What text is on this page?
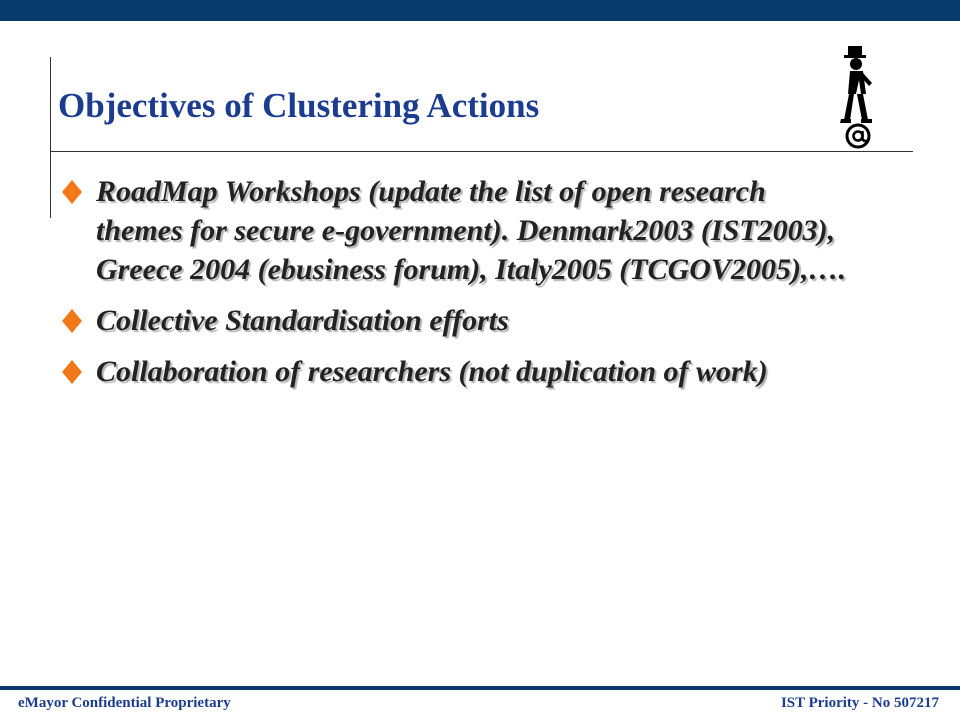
Objectives of Clustering Actions
RoadMap Workshops (update the list of open research themes for secure e-government). Denmark2003 (IST2003), Greece 2004 (ebusiness forum), Italy2005 (TCGOV2005),….
Collective Standardisation efforts
Collaboration of researchers (not duplication of work)
eMayor Confidential Proprietary	IST Priority - No 507217
